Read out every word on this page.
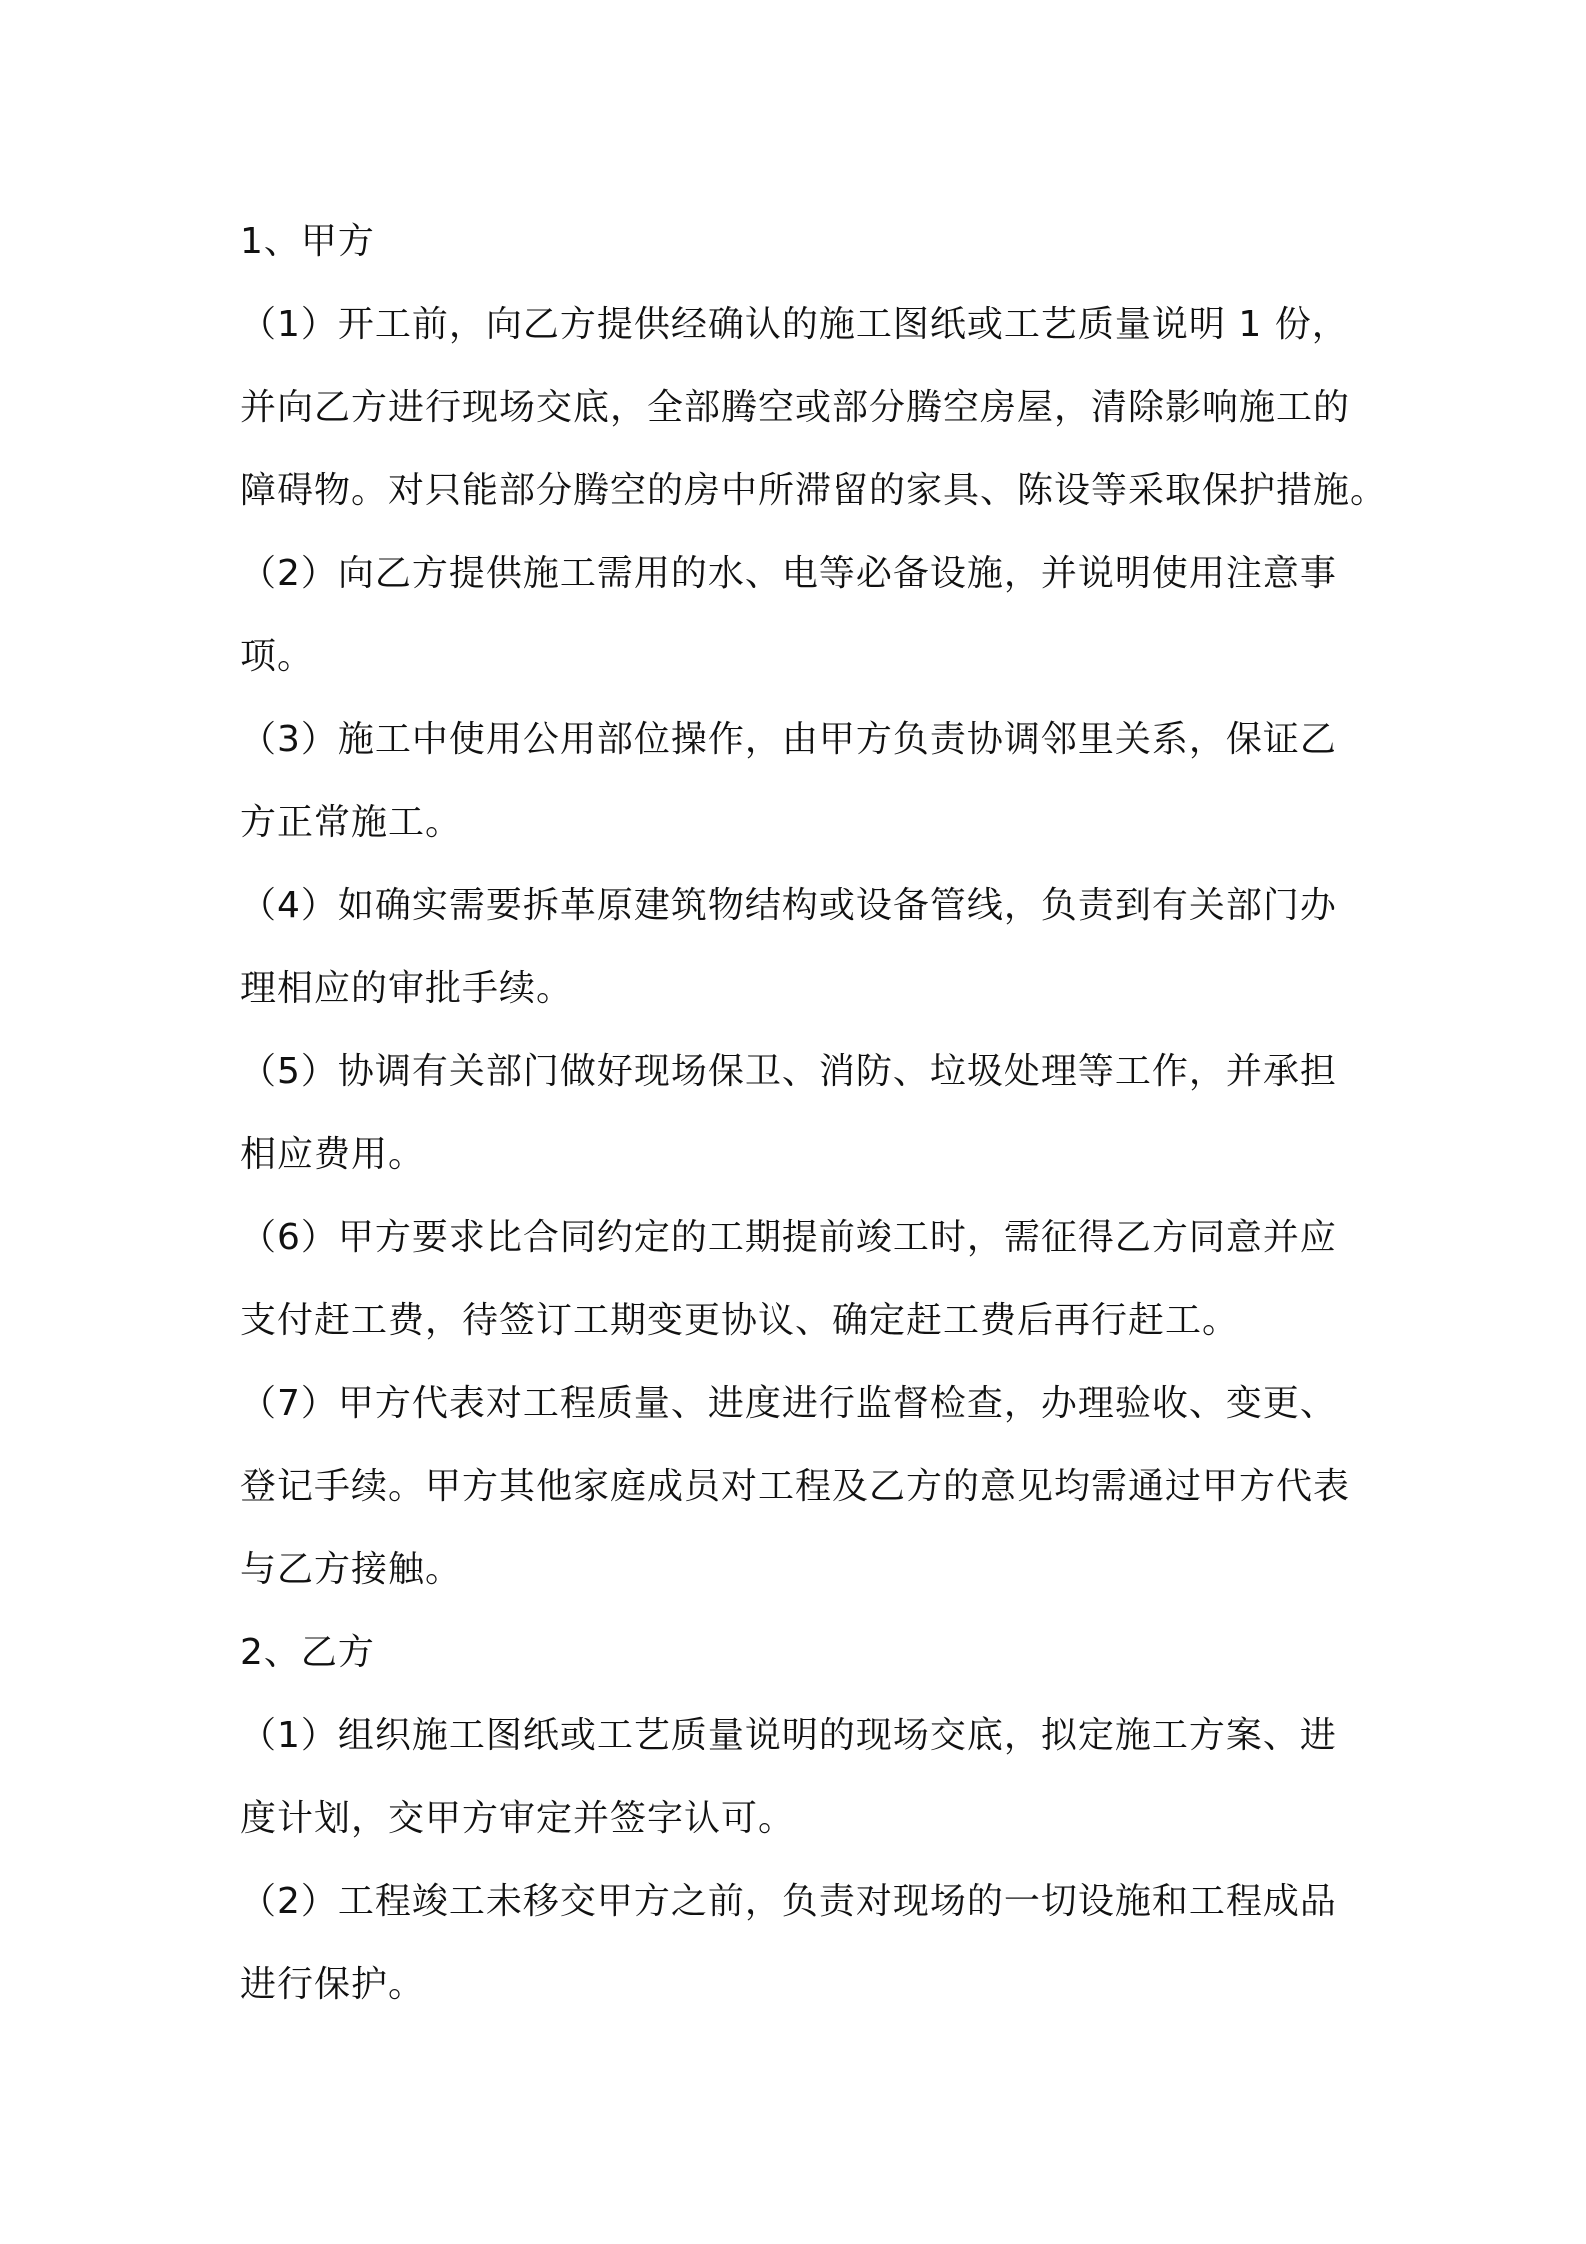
1、甲方
（1）开工前，向乙方提供经确认的施工图纸或工艺质量说明 1 份，
并向乙方进行现场交底，全部腾空或部分腾空房屋，清除影响施工的
障碍物。对只能部分腾空的房中所滞留的家具、陈设等采取保护措施。
（2）向乙方提供施工需用的水、电等必备设施，并说明使用注意事
项。
（3）施工中使用公用部位操作，由甲方负责协调邻里关系，保证乙
方正常施工。
（4）如确实需要拆革原建筑物结构或设备管线，负责到有关部门办
理相应的审批手续。
（5）协调有关部门做好现场保卫、消防、垃圾处理等工作，并承担
相应费用。
（6）甲方要求比合同约定的工期提前竣工时，需征得乙方同意并应
支付赶工费，待签订工期变更协议、确定赶工费后再行赶工。
（7）甲方代表对工程质量、进度进行监督检查，办理验收、变更、
登记手续。甲方其他家庭成员对工程及乙方的意见均需通过甲方代表
与乙方接触。
2、乙方
（1）组织施工图纸或工艺质量说明的现场交底，拟定施工方案、进
度计划，交甲方审定并签字认可。
（2）工程竣工未移交甲方之前，负责对现场的一切设施和工程成品
进行保护。
